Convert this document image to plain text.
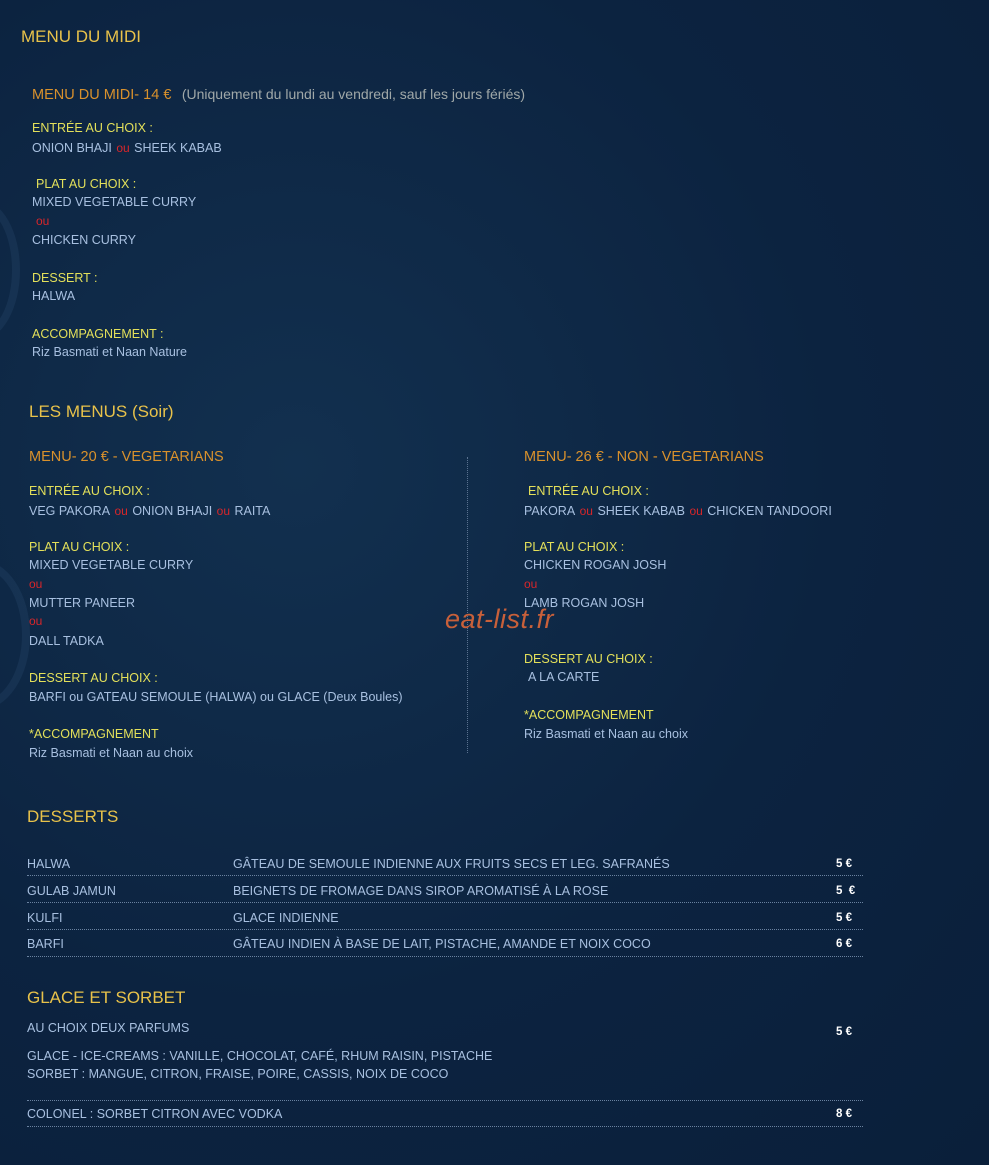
MENU DU MIDI
MENU DU MIDI- 14 € (Uniquement du lundi au vendredi, sauf les jours fériés)
ENTRÉE AU CHOIX :
ONION BHAJI ou SHEEK KABAB
PLAT AU CHOIX :
MIXED VEGETABLE CURRY
ou
CHICKEN CURRY
DESSERT :
HALWA
ACCOMPAGNEMENT :
Riz Basmati et Naan Nature
LES MENUS (Soir)
MENU- 20 € - VEGETARIANS
ENTRÉE AU CHOIX :
VEG PAKORA ou ONION BHAJI ou RAITA
PLAT AU CHOIX :
MIXED VEGETABLE CURRY
ou
MUTTER PANEER
ou
DALL TADKA
DESSERT AU CHOIX :
BARFI ou GATEAU SEMOULE (HALWA) ou GLACE (Deux Boules)
*ACCOMPAGNEMENT
Riz Basmati et Naan au choix
MENU- 26 € - NON - VEGETARIANS
ENTRÉE AU CHOIX :
PAKORA ou SHEEK KABAB ou CHICKEN TANDOORI
PLAT AU CHOIX :
CHICKEN ROGAN JOSH
ou
LAMB ROGAN JOSH
DESSERT AU CHOIX :
A LA CARTE
*ACCOMPAGNEMENT
Riz Basmati et Naan au choix
eat-list.fr
DESSERTS
HALWA	GÂTEAU DE SEMOULE INDIENNE AUX FRUITS SECS ET LEG. SAFRANÉS	5 €
GULAB JAMUN	BEIGNETS DE FROMAGE DANS SIROP AROMATISÉ À LA ROSE	5  €
KULFI	GLACE INDIENNE	5 €
BARFI	GÂTEAU INDIEN À BASE DE LAIT, PISTACHE, AMANDE ET NOIX COCO	6 €
GLACE ET SORBET
AU CHOIX DEUX PARFUMS	5 €
GLACE - ICE-CREAMS : VANILLE, CHOCOLAT, CAFÉ, RHUM RAISIN, PISTACHE
SORBET : MANGUE, CITRON, FRAISE, POIRE, CASSIS, NOIX DE COCO
COLONEL : SORBET CITRON AVEC VODKA	8 €
